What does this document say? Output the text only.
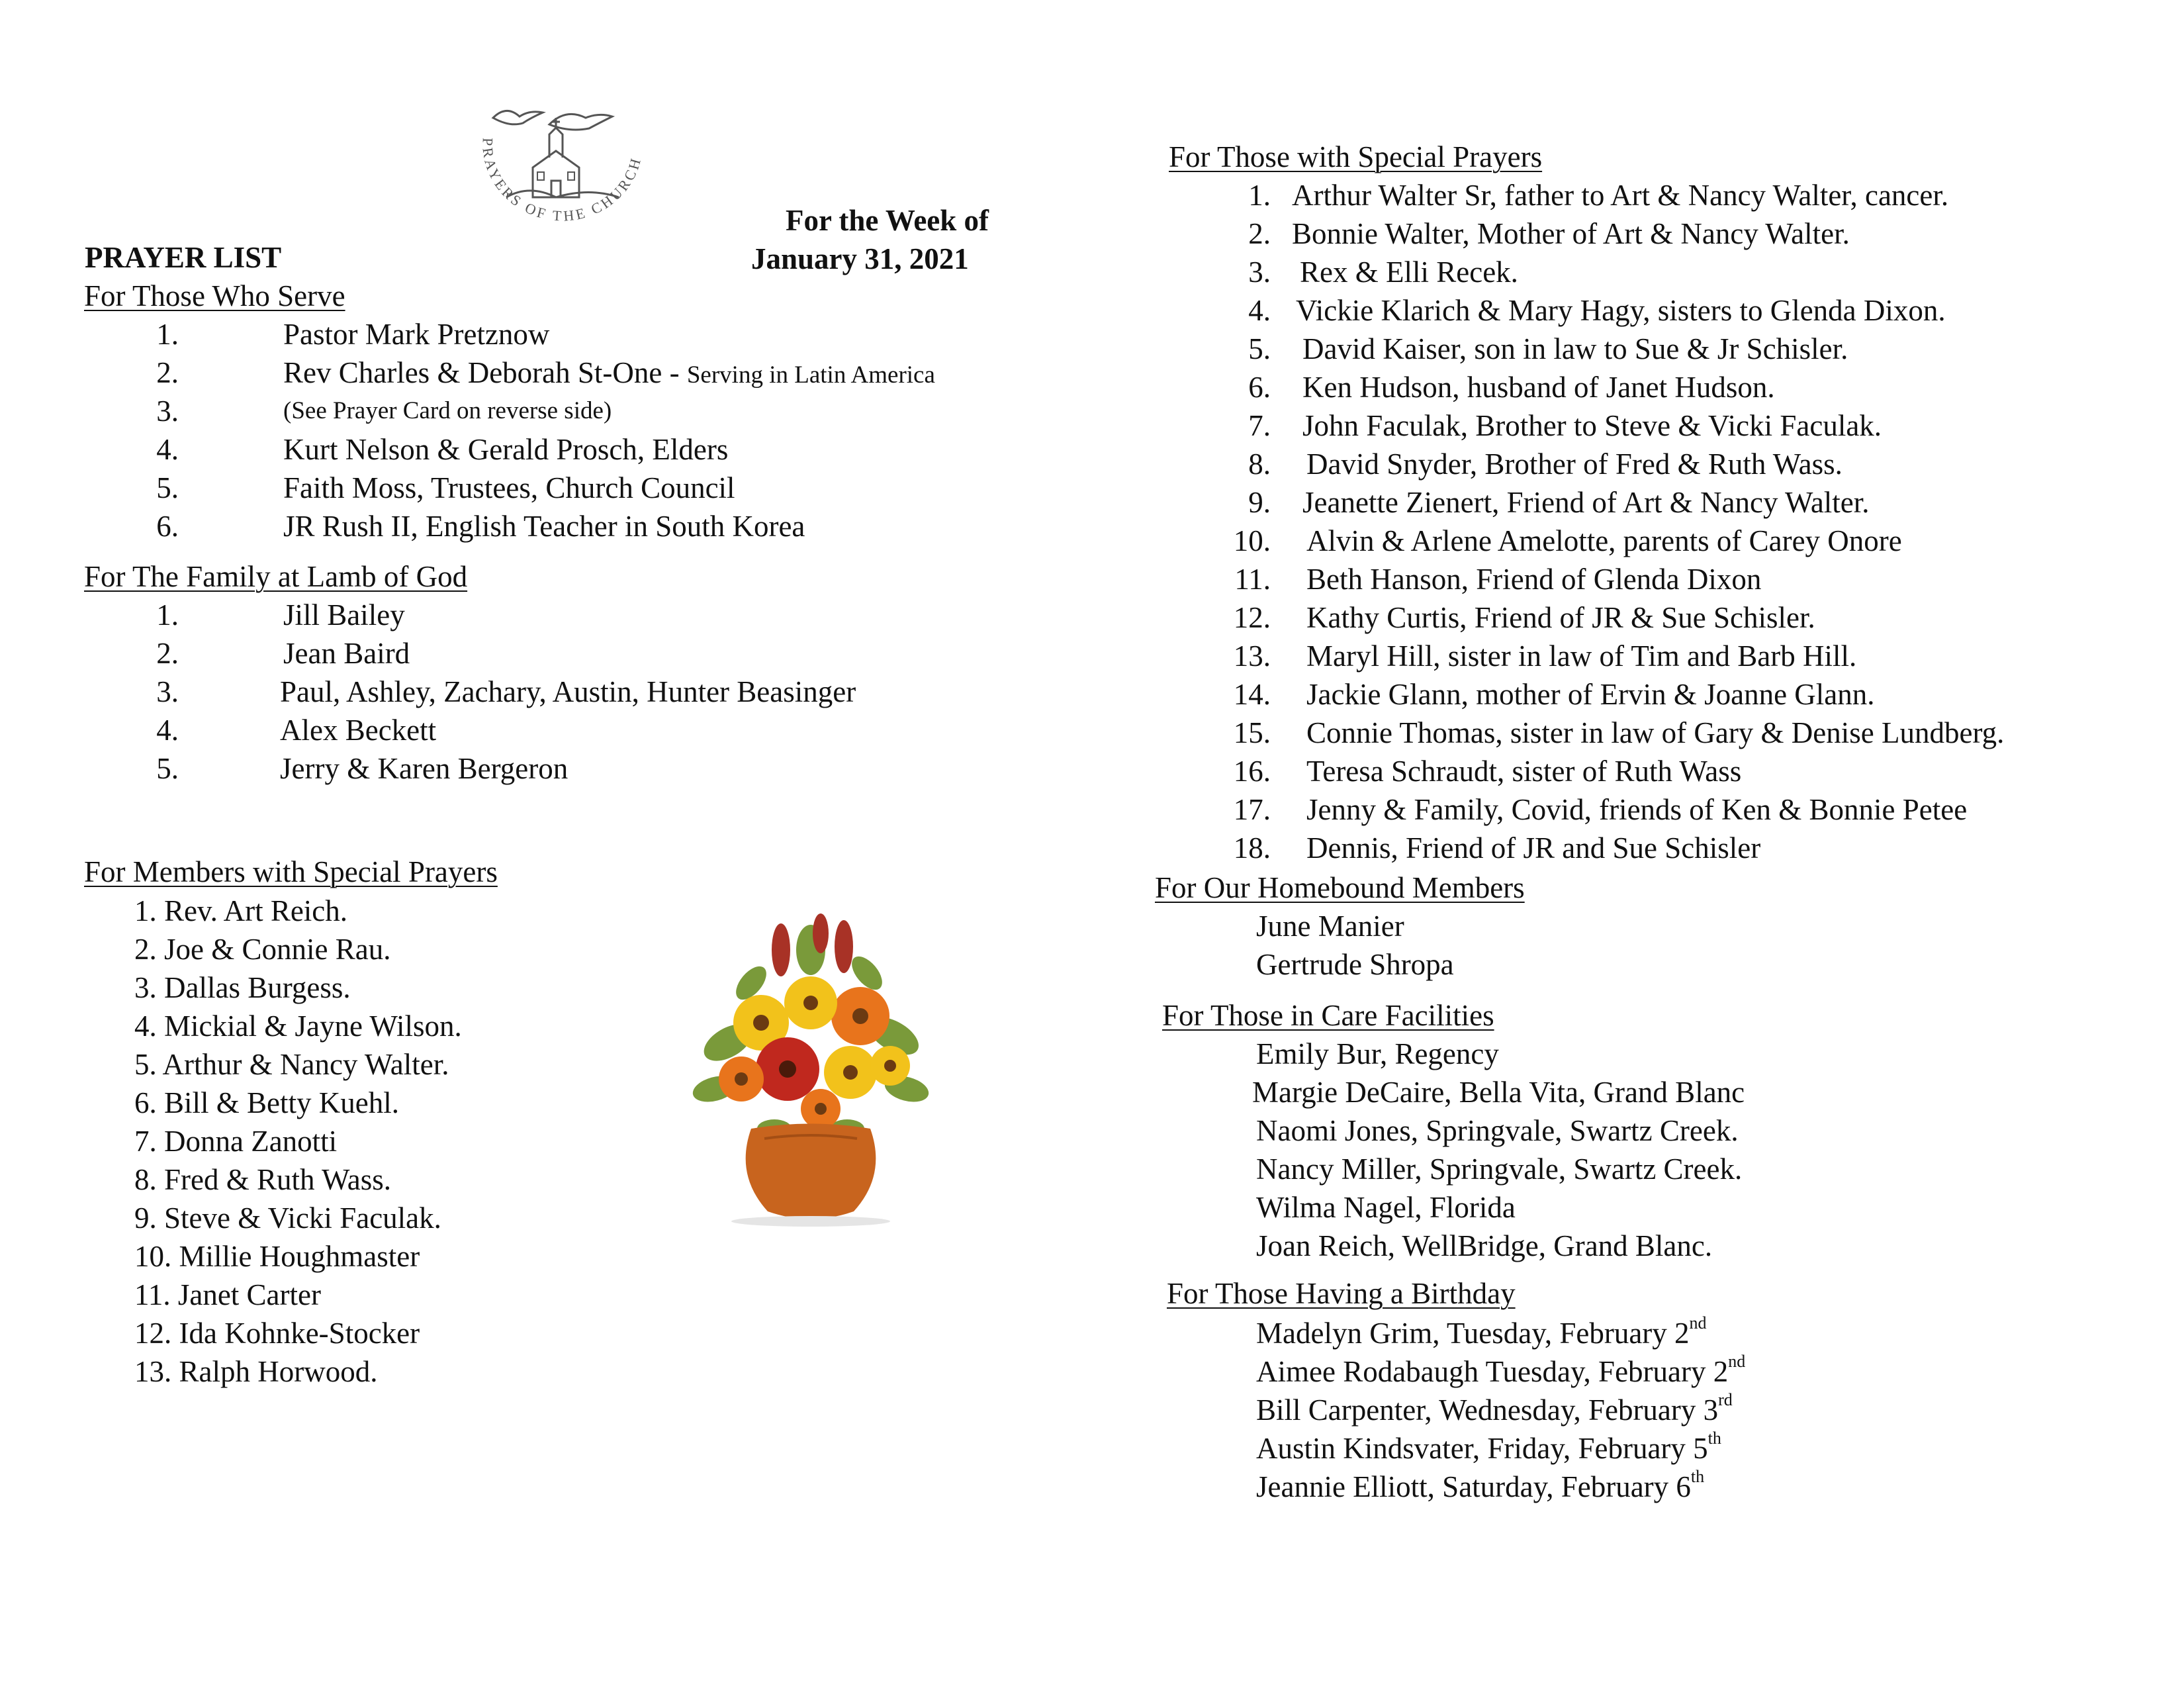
PRAYERS OF THE CHURCH
PRAYER LIST
For the Week of
January 31, 2021
For Those Who Serve
1.	Pastor Mark Pretznow
2.	Rev Charles & Deborah St-One - Serving in Latin America
3.	(See Prayer Card on reverse side)
4.	Kurt Nelson & Gerald Prosch, Elders
5.	Faith Moss, Trustees, Church Council
6.	JR Rush II, English Teacher in South Korea
For The Family at Lamb of God
1.	Jill Bailey
2.	Jean Baird
3.	Paul, Ashley, Zachary, Austin, Hunter Beasinger
4.	Alex Beckett
5.	Jerry & Karen Bergeron
For Members with Special Prayers
1. Rev. Art Reich.
2. Joe & Connie Rau.
3. Dallas Burgess.
4. Mickial & Jayne Wilson.
5. Arthur & Nancy Walter.
6. Bill & Betty Kuehl.
7. Donna Zanotti
8. Fred & Ruth Wass.
9. Steve & Vicki Faculak.
10. Millie Houghmaster
11. Janet Carter
12. Ida Kohnke-Stocker
13. Ralph Horwood.
For Those with Special Prayers
1. Arthur Walter Sr, father to Art & Nancy Walter, cancer.
2. Bonnie Walter, Mother of Art & Nancy Walter.
3. Rex & Elli Recek.
4. Vickie Klarich & Mary Hagy, sisters to Glenda Dixon.
5. David Kaiser, son in law to Sue & Jr Schisler.
6. Ken Hudson, husband of Janet Hudson.
7. John Faculak, Brother to Steve & Vicki Faculak.
8. David Snyder, Brother of Fred & Ruth Wass.
9. Jeanette Zienert, Friend of Art & Nancy Walter.
10. Alvin & Arlene Amelotte, parents of Carey Onore
11. Beth Hanson, Friend of Glenda Dixon
12. Kathy Curtis, Friend of JR & Sue Schisler.
13. Maryl Hill, sister in law of Tim and Barb Hill.
14. Jackie Glann, mother of Ervin & Joanne Glann.
15. Connie Thomas, sister in law of Gary & Denise Lundberg.
16. Teresa Schraudt, sister of Ruth Wass
17. Jenny & Family, Covid, friends of Ken & Bonnie Petee
18. Dennis, Friend of JR and Sue Schisler
For Our Homebound Members
June Manier
Gertrude Shropa
For Those in Care Facilities
Emily Bur, Regency
Margie DeCaire, Bella Vita, Grand Blanc
Naomi Jones, Springvale, Swartz Creek.
Nancy Miller, Springvale, Swartz Creek.
Wilma Nagel, Florida
Joan Reich, WellBridge, Grand Blanc.
For Those Having a Birthday
Madelyn Grim, Tuesday, February 2nd
Aimee Rodabaugh Tuesday, February 2nd
Bill Carpenter, Wednesday, February 3rd
Austin Kindsvater, Friday, February 5th
Jeannie Elliott, Saturday, February 6th
